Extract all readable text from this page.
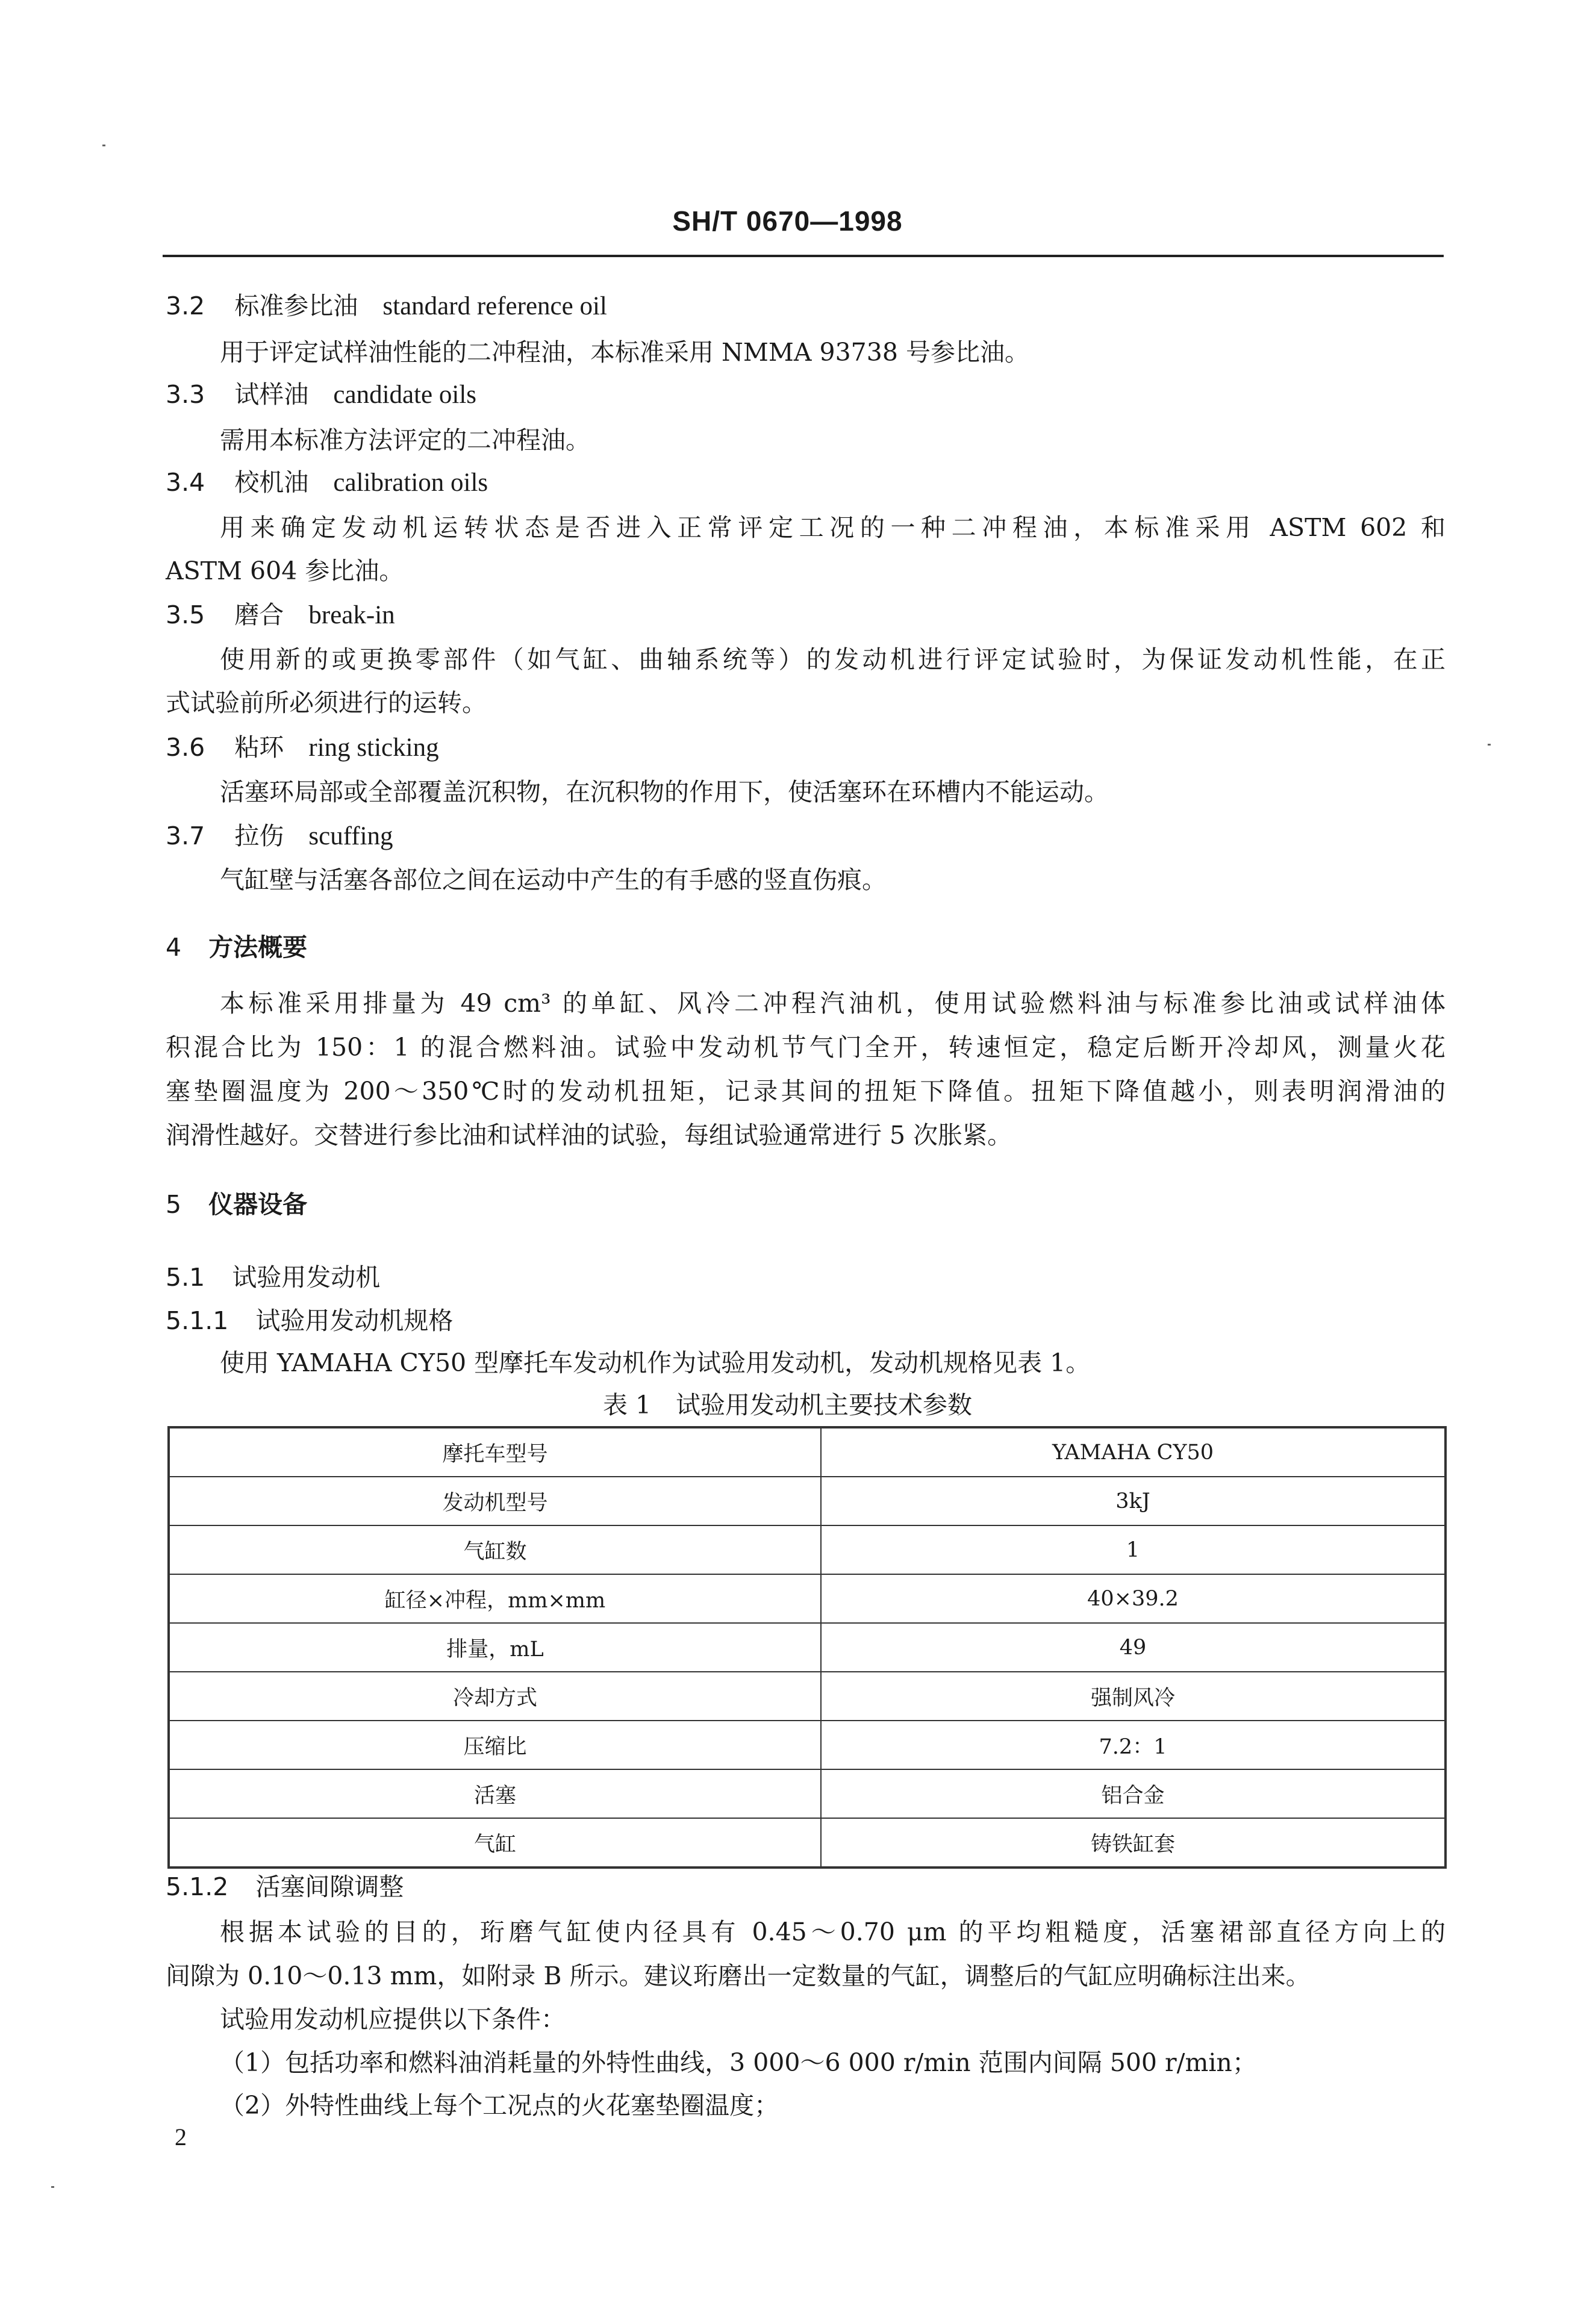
SH/T 0670—1998
3.2 标准参比油 standard reference oil
用于评定试样油性能的二冲程油，本标准采用 NMMA 93738 号参比油。
3.3 试样油 candidate oils
需用本标准方法评定的二冲程油。
3.4 校机油 calibration oils
用来确定发动机运转状态是否进入正常评定工况的一种二冲程油，本标准采用 ASTM 602 和
ASTM 604 参比油。
3.5 磨合 break-in
使用新的或更换零部件（如气缸、曲轴系统等）的发动机进行评定试验时，为保证发动机性能，在正
式试验前所必须进行的运转。
3.6 粘环 ring sticking
活塞环局部或全部覆盖沉积物，在沉积物的作用下，使活塞环在环槽内不能运动。
3.7 拉伤 scuffing
气缸壁与活塞各部位之间在运动中产生的有手感的竖直伤痕。
4 方法概要
本标准采用排量为 49 cm³ 的单缸、风冷二冲程汽油机，使用试验燃料油与标准参比油或试样油体
积混合比为 150：1 的混合燃料油。试验中发动机节气门全开，转速恒定，稳定后断开冷却风，测量火花
塞垫圈温度为 200～350℃时的发动机扭矩，记录其间的扭矩下降值。扭矩下降值越小，则表明润滑油的
润滑性越好。交替进行参比油和试样油的试验，每组试验通常进行 5 次胀紧。
5 仪器设备
5.1 试验用发动机
5.1.1 试验用发动机规格
使用 YAMAHA CY50 型摩托车发动机作为试验用发动机，发动机规格见表 1。
表 1　试验用发动机主要技术参数
摩托车型号	YAMAHA CY50
发动机型号	3kJ
气缸数	1
缸径×冲程，mm×mm	40×39.2
排量，mL	49
冷却方式	强制风冷
压缩比	7.2：1
活塞	铝合金
气缸	铸铁缸套
5.1.2 活塞间隙调整
根据本试验的目的，珩磨气缸使内径具有 0.45～0.70 μm 的平均粗糙度，活塞裙部直径方向上的
间隙为 0.10～0.13 mm，如附录 B 所示。建议珩磨出一定数量的气缸，调整后的气缸应明确标注出来。
试验用发动机应提供以下条件：
（1）包括功率和燃料油消耗量的外特性曲线，3 000～6 000 r/min 范围内间隔 500 r/min；
（2）外特性曲线上每个工况点的火花塞垫圈温度；
2
